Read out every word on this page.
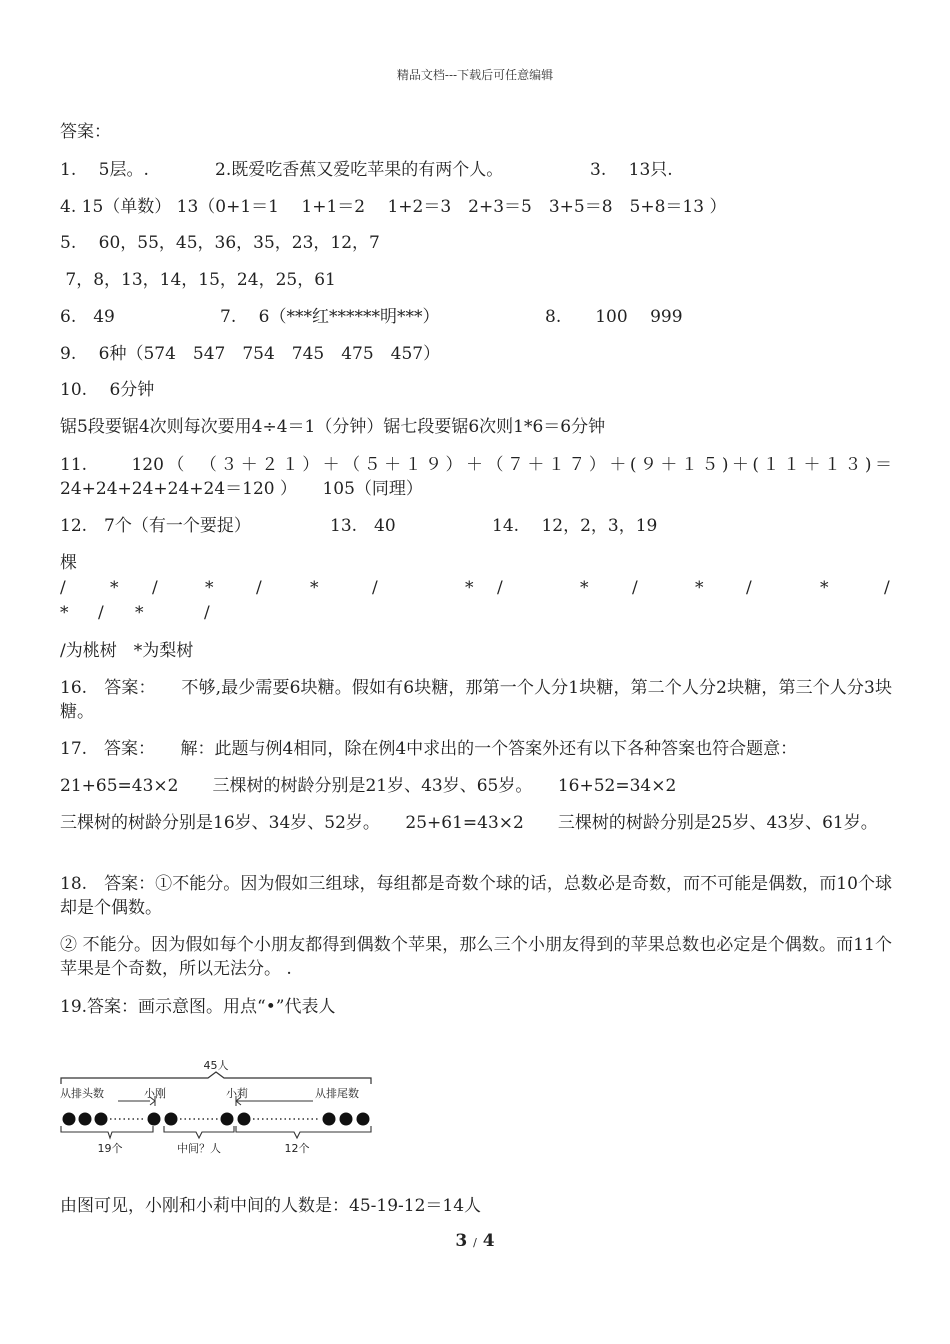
精品文档---下载后可任意编辑
答案：
1.　 5层。.	2.既爱吃香蕉又爱吃苹果的有两个人。	3.　 13只.
4. 15（单数） 13（0+1＝1　 1+1＝2　 1+2＝3　2+3＝5　3+5＝8　5+8＝13 ）
5.　 60，55，45，36，35，23，12，7
7，8，13，14，15，24，25，61
6.　49	7.　 6（***红******明***）	8.　　100　 999
9.　 6种（574　547　754　745　475　457）
10.　 6分钟
锯5段要锯4次则每次要用4÷4＝1（分钟）锯七段要锯6次则1*6＝6分钟
11.　　120（　（３＋２１）＋（５＋１９）＋（７＋１７）＋(９＋１５)＋(１１＋１３)＝24+24+24+24+24＝120 ）　　105（同理）
12.　7个（有一个要捉）	13.　40	14.　 12，2，3，19
棵
/	* /	*	/	*	/	* /	*	/	*	/	*	/
* / *	/
/为桃树　*为梨树
16.　答案：　　不够,最少需要6块糖。假如有6块糖，那第一个人分1块糖，第二个人分2块糖，第三个人分3块糖。
17.　答案：　　解：此题与例4相同，除在例4中求出的一个答案外还有以下各种答案也符合题意：
21+65=43×2　　三棵树的树龄分别是21岁、43岁、65岁。　　16+52=34×2
三棵树的树龄分别是16岁、34岁、52岁。　　25+61=43×2　　三棵树的树龄分别是25岁、43岁、61岁。
18.　答案：①不能分。因为假如三组球，每组都是奇数个球的话，总数必是奇数，而不可能是偶数，而10个球却是个偶数。
② 不能分。因为假如每个小朋友都得到偶数个苹果，那么三个小朋友得到的苹果总数也必定是个偶数。而11个苹果是个奇数，所以无法分。 .
19.答案：画示意图。用点“•”代表人
45人
从排头数	从排尾数
小刚	小莉
19个	中间？人	12个
由图可见，小刚和小莉中间的人数是：45-19-12＝14人
3 / 4
